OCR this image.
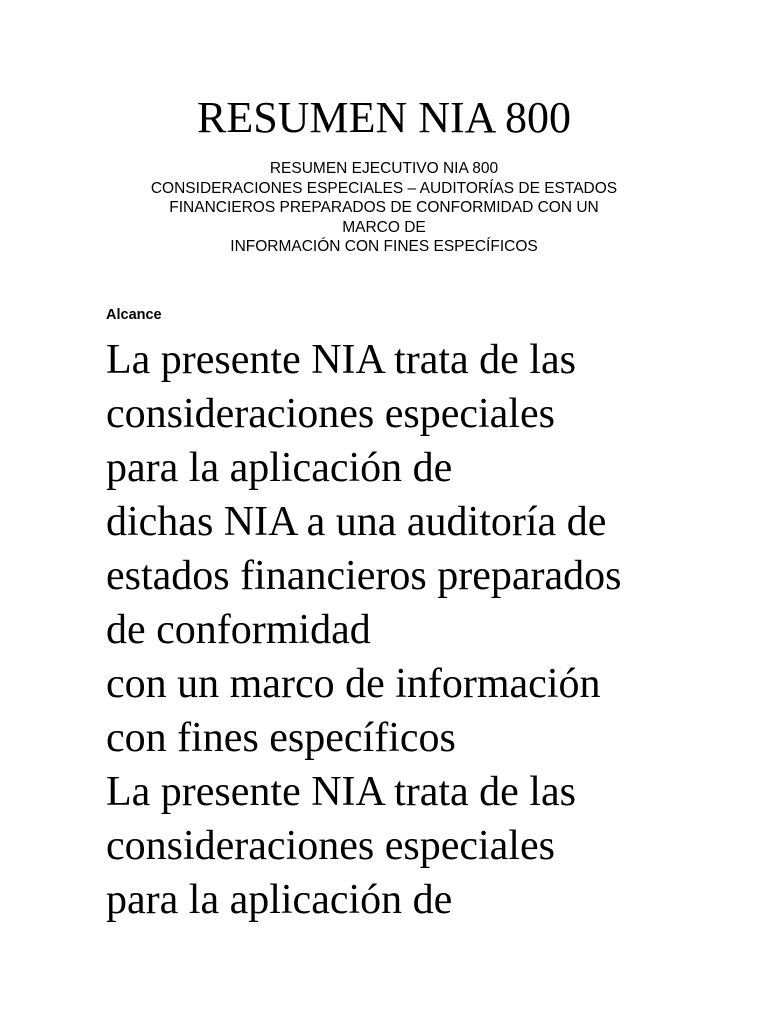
RESUMEN NIA 800
RESUMEN EJECUTIVO NIA 800
CONSIDERACIONES ESPECIALES – AUDITORÍAS DE ESTADOS
FINANCIEROS PREPARADOS DE CONFORMIDAD CON UN
MARCO DE
INFORMACIÓN CON FINES ESPECÍFICOS
Alcance
La presente NIA trata de las
consideraciones especiales
para la aplicación de
dichas NIA a una auditoría de
estados financieros preparados
de conformidad
con un marco de información
con fines específicos
La presente NIA trata de las
consideraciones especiales
para la aplicación de
